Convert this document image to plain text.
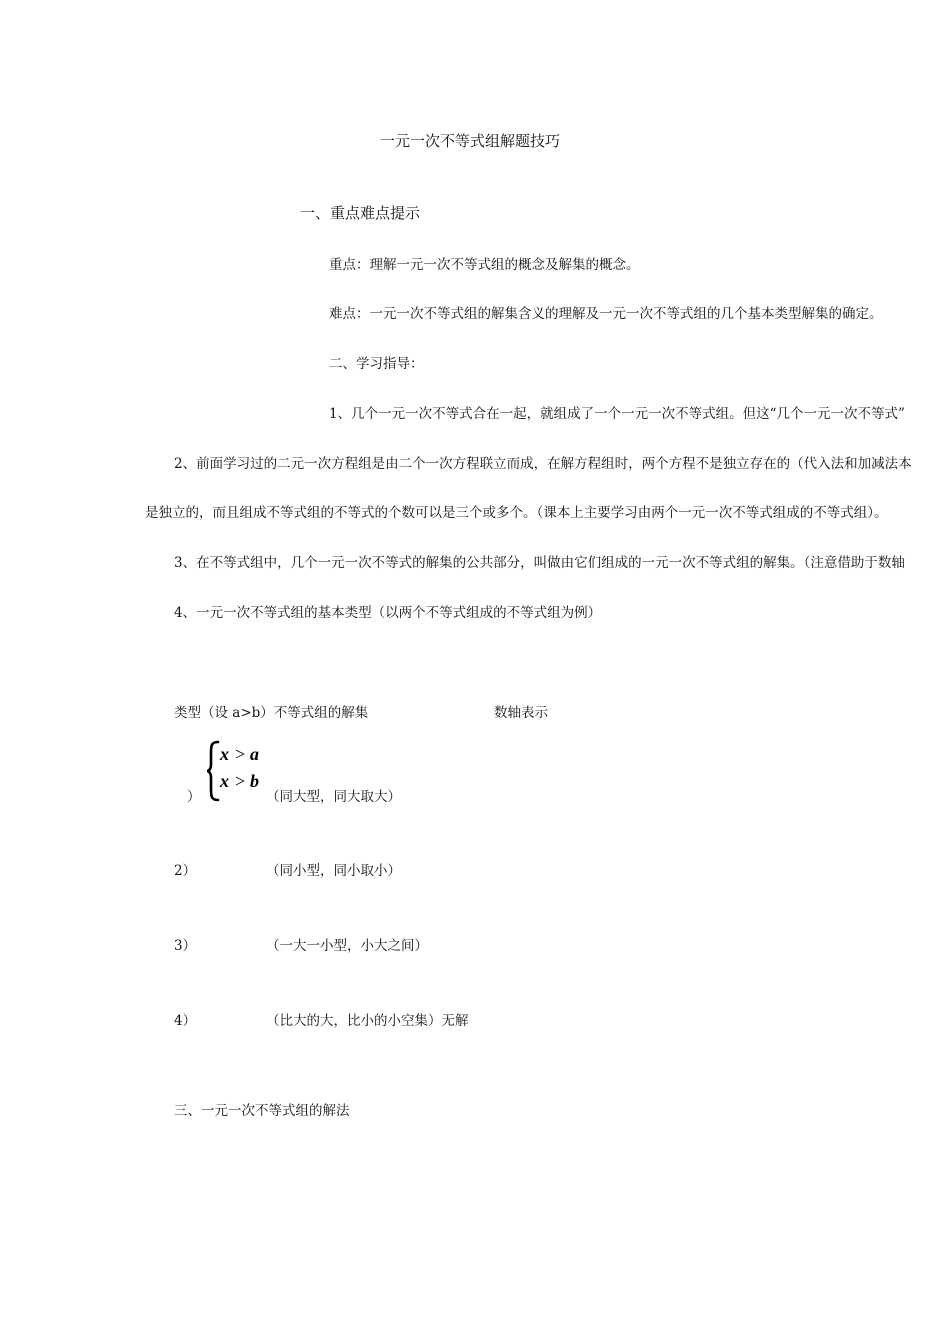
一元一次不等式组解题技巧
一、重点难点提示
重点：理解一元一次不等式组的概念及解集的概念。
难点：一元一次不等式组的解集含义的理解及一元一次不等式组的几个基本类型解集的确定。
二、学习指导：
1、几个一元一次不等式合在一起，就组成了一个一元一次不等式组。但这“几个一元一次不等式”
2、前面学习过的二元一次方程组是由二个一次方程联立而成，在解方程组时，两个方程不是独立存在的（代入法和加减法本
是独立的，而且组成不等式组的不等式的个数可以是三个或多个。（课本上主要学习由两个一元一次不等式组成的不等式组）。
3、在不等式组中，几个一元一次不等式的解集的公共部分，叫做由它们组成的一元一次不等式组的解集。（注意借助于数轴
4、一元一次不等式组的基本类型（以两个不等式组成的不等式组为例）
类型（设 a>b）不等式组的解集	数轴表示
x > a
x > b
）	（同大型，同大取大）
2）	（同小型，同小取小）
3）	（一大一小型，小大之间）
4）	（比大的大，比小的小空集）无解
三、一元一次不等式组的解法
